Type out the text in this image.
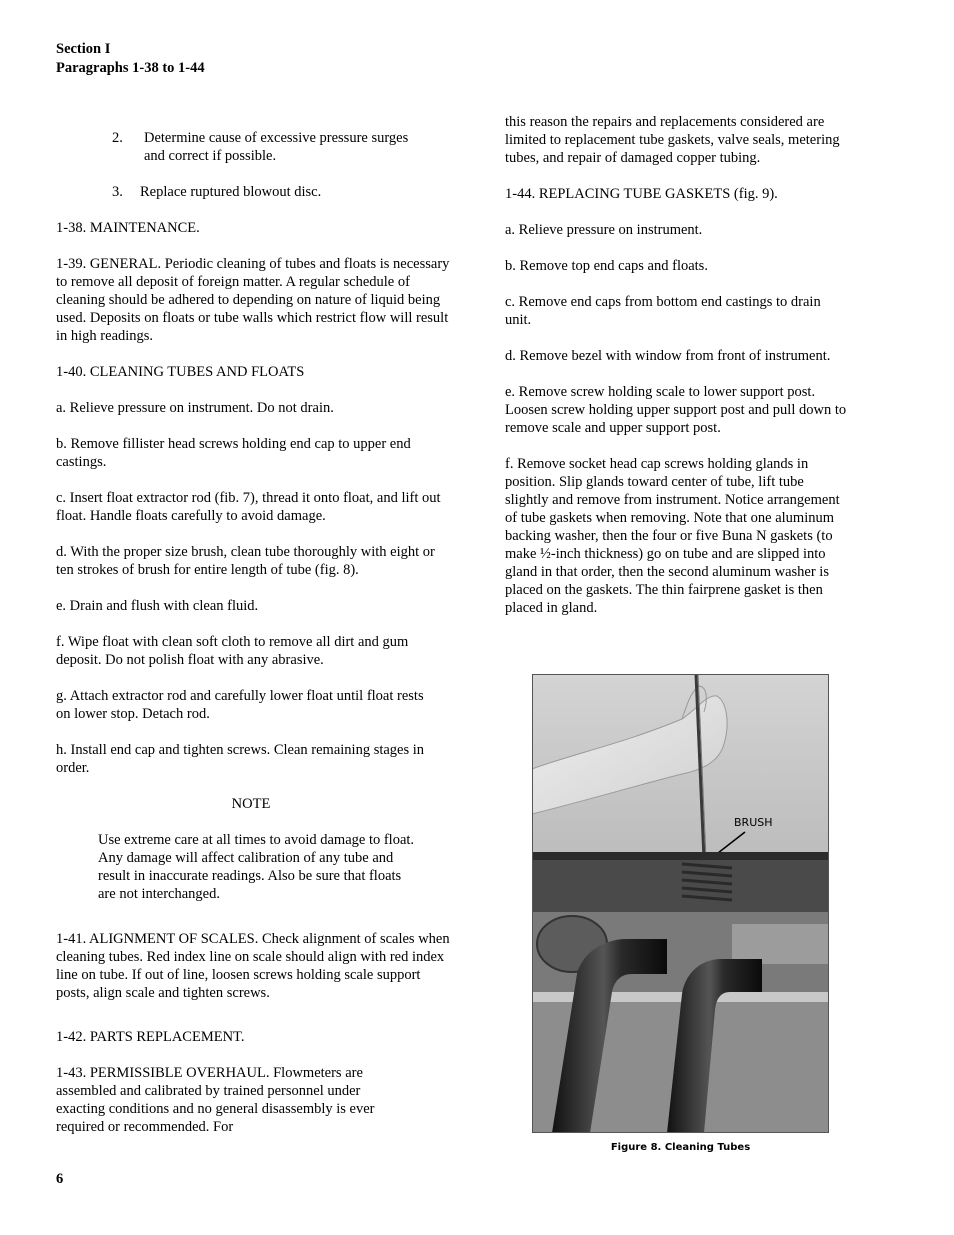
Section I
Paragraphs 1-38 to 1-44

2.	Determine cause of excessive pressure surges and correct if possible.

3.	Replace ruptured blowout disc.

1-38. MAINTENANCE.

1-39. GENERAL. Periodic cleaning of tubes and floats is necessary to remove all deposit of foreign matter. A regular schedule of cleaning should be adhered to depending on nature of liquid being used. Deposits on floats or tube walls which restrict flow will result in high readings.

1-40. CLEANING TUBES AND FLOATS

a. Relieve pressure on instrument. Do not drain.

b. Remove fillister head screws holding end cap to upper end castings.

c. Insert float extractor rod (fib. 7), thread it onto float, and lift out float. Handle floats carefully to avoid damage.

d. With the proper size brush, clean tube thoroughly with eight or ten strokes of brush for entire length of tube (fig. 8).

e. Drain and flush with clean fluid.

f. Wipe float with clean soft cloth to remove all dirt and gum deposit. Do not polish float with any abrasive.

g. Attach extractor rod and carefully lower float until float rests on lower stop. Detach rod.

h. Install end cap and tighten screws. Clean remaining stages in order.

NOTE

Use extreme care at all times to avoid damage to float. Any damage will affect calibration of any tube and result in inaccurate readings. Also be sure that floats are not interchanged.

1-41. ALIGNMENT OF SCALES. Check alignment of scales when cleaning tubes. Red index line on scale should align with red index line on tube. If out of line, loosen screws holding scale support posts, align scale and tighten screws.

1-42. PARTS REPLACEMENT.

1-43. PERMISSIBLE OVERHAUL. Flowmeters are assembled and calibrated by trained personnel under exacting conditions and no general disassembly is ever required or recommended. For

this reason the repairs and replacements considered are limited to replacement tube gaskets, valve seals, metering tubes, and repair of damaged copper tubing.

1-44. REPLACING TUBE GASKETS (fig. 9).

a. Relieve pressure on instrument.

b. Remove top end caps and floats.

c. Remove end caps from bottom end castings to drain unit.

d. Remove bezel with window from front of instrument.

e. Remove screw holding scale to lower support post. Loosen screw holding upper support post and pull down to remove scale and upper support post.

f. Remove socket head cap screws holding glands in position. Slip glands toward center of tube, lift tube slightly and remove from instrument. Notice arrangement of tube gaskets when removing. Note that one aluminum backing washer, then the four or five Buna N gaskets (to make ½-inch thickness) go on tube and are slipped into gland in that order, then the second aluminum washer is placed on the gaskets. The thin fairprene gasket is then placed in gland.

BRUSH
Figure 8. Cleaning Tubes
6
